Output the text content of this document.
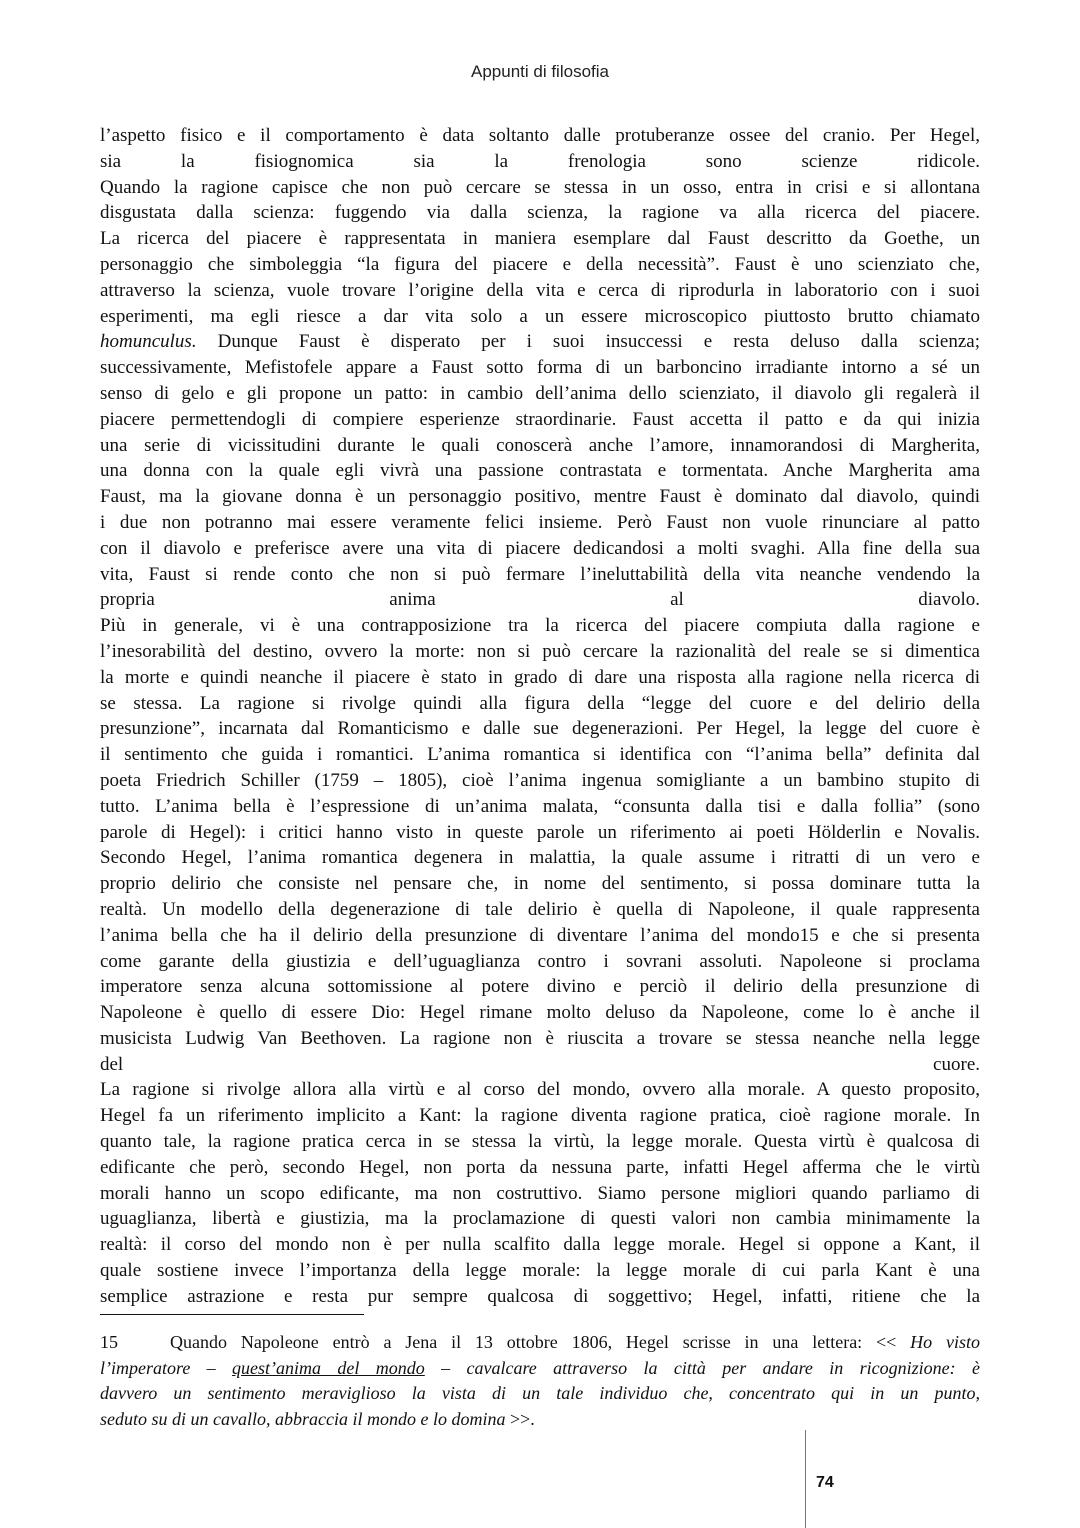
Appunti di filosofia
l’aspetto fisico e il comportamento è data soltanto dalle protuberanze ossee del cranio. Per Hegel,
sia la fisiognomica sia la frenologia sono scienze ridicole.
Quando la ragione capisce che non può cercare se stessa in un osso, entra in crisi e si allontana
disgustata dalla scienza: fuggendo via dalla scienza, la ragione va alla ricerca del piacere.
La ricerca del piacere è rappresentata in maniera esemplare dal Faust descritto da Goethe, un
personaggio che simboleggia “la figura del piacere e della necessità”. Faust è uno scienziato che,
attraverso la scienza, vuole trovare l’origine della vita e cerca di riprodurla in laboratorio con i suoi
esperimenti, ma egli riesce a dar vita solo a un essere microscopico piuttosto brutto chiamato
homunculus. Dunque Faust è disperato per i suoi insuccessi e resta deluso dalla scienza;
successivamente, Mefistofele appare a Faust sotto forma di un barboncino irradiante intorno a sé un
senso di gelo e gli propone un patto: in cambio dell’anima dello scienziato, il diavolo gli regalerà il
piacere permettendogli di compiere esperienze straordinarie. Faust accetta il patto e da qui inizia
una serie di vicissitudini durante le quali conoscerà anche l’amore, innamorandosi di Margherita,
una donna con la quale egli vivrà una passione contrastata e tormentata. Anche Margherita ama
Faust, ma la giovane donna è un personaggio positivo, mentre Faust è dominato dal diavolo, quindi
i due non potranno mai essere veramente felici insieme. Però Faust non vuole rinunciare al patto
con il diavolo e preferisce avere una vita di piacere dedicandosi a molti svaghi. Alla fine della sua
vita, Faust si rende conto che non si può fermare l’ineluttabilità della vita neanche vendendo la
propria anima al diavolo.
Più in generale, vi è una contrapposizione tra la ricerca del piacere compiuta dalla ragione e
l’inesorabilità del destino, ovvero la morte: non si può cercare la razionalità del reale se si dimentica
la morte e quindi neanche il piacere è stato in grado di dare una risposta alla ragione nella ricerca di
se stessa. La ragione si rivolge quindi alla figura della “legge del cuore e del delirio della
presunzione”, incarnata dal Romanticismo e dalle sue degenerazioni. Per Hegel, la legge del cuore è
il sentimento che guida i romantici. L’anima romantica si identifica con “l’anima bella” definita dal
poeta Friedrich Schiller (1759 – 1805), cioè l’anima ingenua somigliante a un bambino stupito di
tutto. L’anima bella è l’espressione di un’anima malata, “consunta dalla tisi e dalla follia” (sono
parole di Hegel): i critici hanno visto in queste parole un riferimento ai poeti Hölderlin e Novalis.
Secondo Hegel, l’anima romantica degenera in malattia, la quale assume i ritratti di un vero e
proprio delirio che consiste nel pensare che, in nome del sentimento, si possa dominare tutta la
realtà. Un modello della degenerazione di tale delirio è quella di Napoleone, il quale rappresenta
l’anima bella che ha il delirio della presunzione di diventare l’anima del mondo15 e che si presenta
come garante della giustizia e dell’uguaglianza contro i sovrani assoluti. Napoleone si proclama
imperatore senza alcuna sottomissione al potere divino e perciò il delirio della presunzione di
Napoleone è quello di essere Dio: Hegel rimane molto deluso da Napoleone, come lo è anche il
musicista Ludwig Van Beethoven. La ragione non è riuscita a trovare se stessa neanche nella legge
del cuore.
La ragione si rivolge allora alla virtù e al corso del mondo, ovvero alla morale. A questo proposito,
Hegel fa un riferimento implicito a Kant: la ragione diventa ragione pratica, cioè ragione morale. In
quanto tale, la ragione pratica cerca in se stessa la virtù, la legge morale. Questa virtù è qualcosa di
edificante che però, secondo Hegel, non porta da nessuna parte, infatti Hegel afferma che le virtù
morali hanno un scopo edificante, ma non costruttivo. Siamo persone migliori quando parliamo di
uguaglianza, libertà e giustizia, ma la proclamazione di questi valori non cambia minimamente la
realtà: il corso del mondo non è per nulla scalfito dalla legge morale. Hegel si oppone a Kant, il
quale sostiene invece l’importanza della legge morale: la legge morale di cui parla Kant è una
semplice astrazione e resta pur sempre qualcosa di soggettivo; Hegel, infatti, ritiene che la
15	Quando Napoleone entrò a Jena il 13 ottobre 1806, Hegel scrisse in una lettera: << Ho visto
l’imperatore – quest’anima del mondo – cavalcare attraverso la città per andare in ricognizione: è
davvero un sentimento meraviglioso la vista di un tale individuo che, concentrato qui in un punto,
seduto su di un cavallo, abbraccia il mondo e lo domina >>.
74
